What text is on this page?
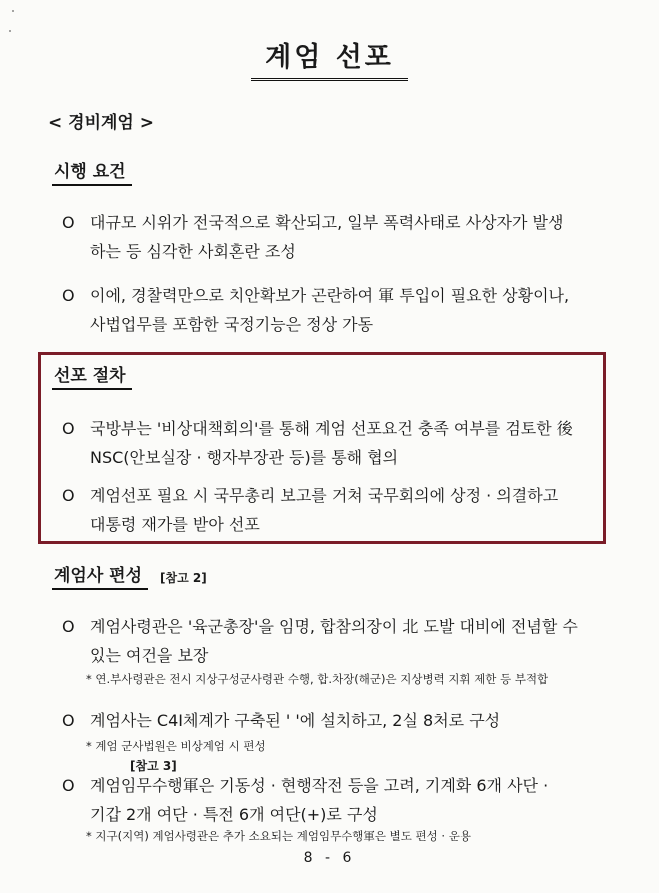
계엄 선포
< 경비계엄 >
시행 요건
O 대규모 시위가 전국적으로 확산되고, 일부 폭력사태로 사상자가 발생
하는 등 심각한 사회혼란 조성
O 이에, 경찰력만으로 치안확보가 곤란하여 軍 투입이 필요한 상황이나,
사법업무를 포함한 국정기능은 정상 가동
선포 절차
O 국방부는 '비상대책회의'를 통해 계엄 선포요건 충족 여부를 검토한 後
NSC(안보실장 · 행자부장관 등)를 통해 협의
O 계엄선포 필요 시 국무총리 보고를 거쳐 국무회의에 상정 · 의결하고
대통령 재가를 받아 선포
계엄사 편성	[참고 2]
O 계엄사령관은 '육군총장'을 임명, 합참의장이 北 도발 대비에 전념할 수
있는 여건을 보장
* 연.부사령관은 전시 지상구성군사령관 수행, 합.차장(해군)은 지상병력 지휘 제한 등 부적합
O 계엄사는 C4I체계가 구축된 ' '에 설치하고, 2실 8처로 구성
* 계엄 군사법원은 비상계엄 시 편성
[참고 3]
O 계엄임무수행軍은 기동성 · 현행작전 등을 고려, 기계화 6개 사단 ·
기갑 2개 여단 · 특전 6개 여단(+)로 구성
* 지구(지역) 계엄사령관은 추가 소요되는 계엄임무수행軍은 별도 편성 · 운용
8 - 6
